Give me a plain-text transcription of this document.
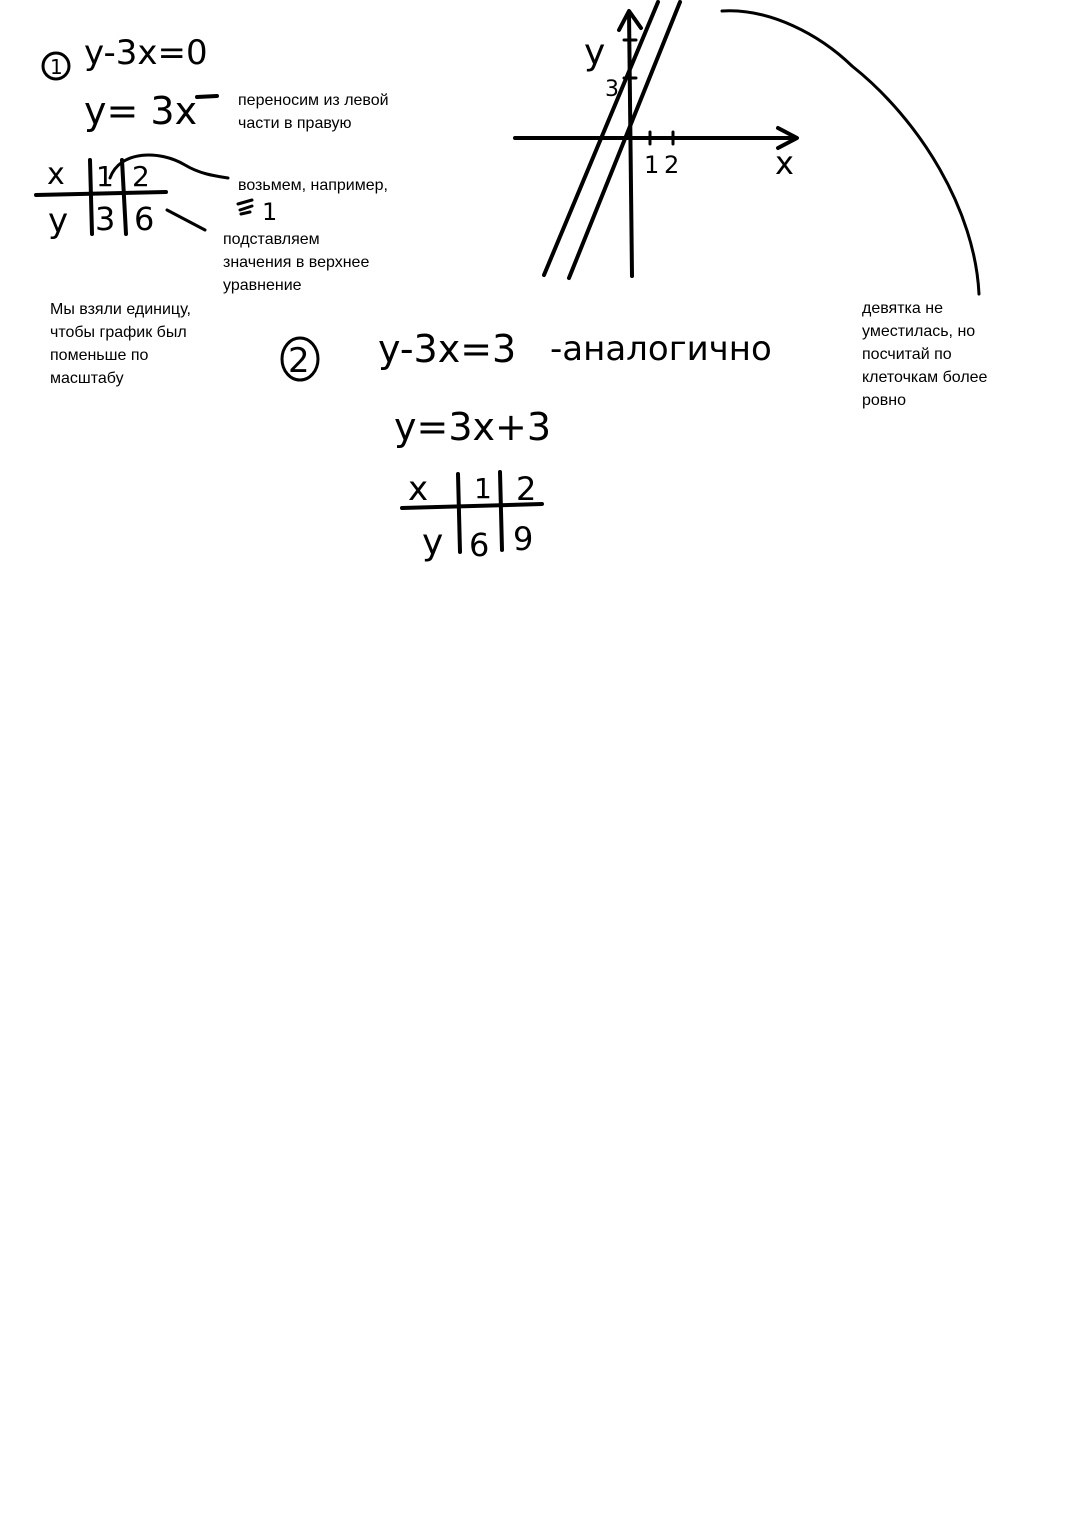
1 y-3x=0
y= 3x
x 1 2
y 3 6
1 2
y
3
x
2 y-3x=3 -аналогично
y=3x+3
x 1 2
y 6 9
1

переносим из левой
части в правую

возьмем, например,

подставляем
значения в верхнее
уравнение

Мы взяли единицу,
чтобы график был
поменьше по
масштабу

девятка не
уместилась, но
посчитай по
клеточкам более
ровно
